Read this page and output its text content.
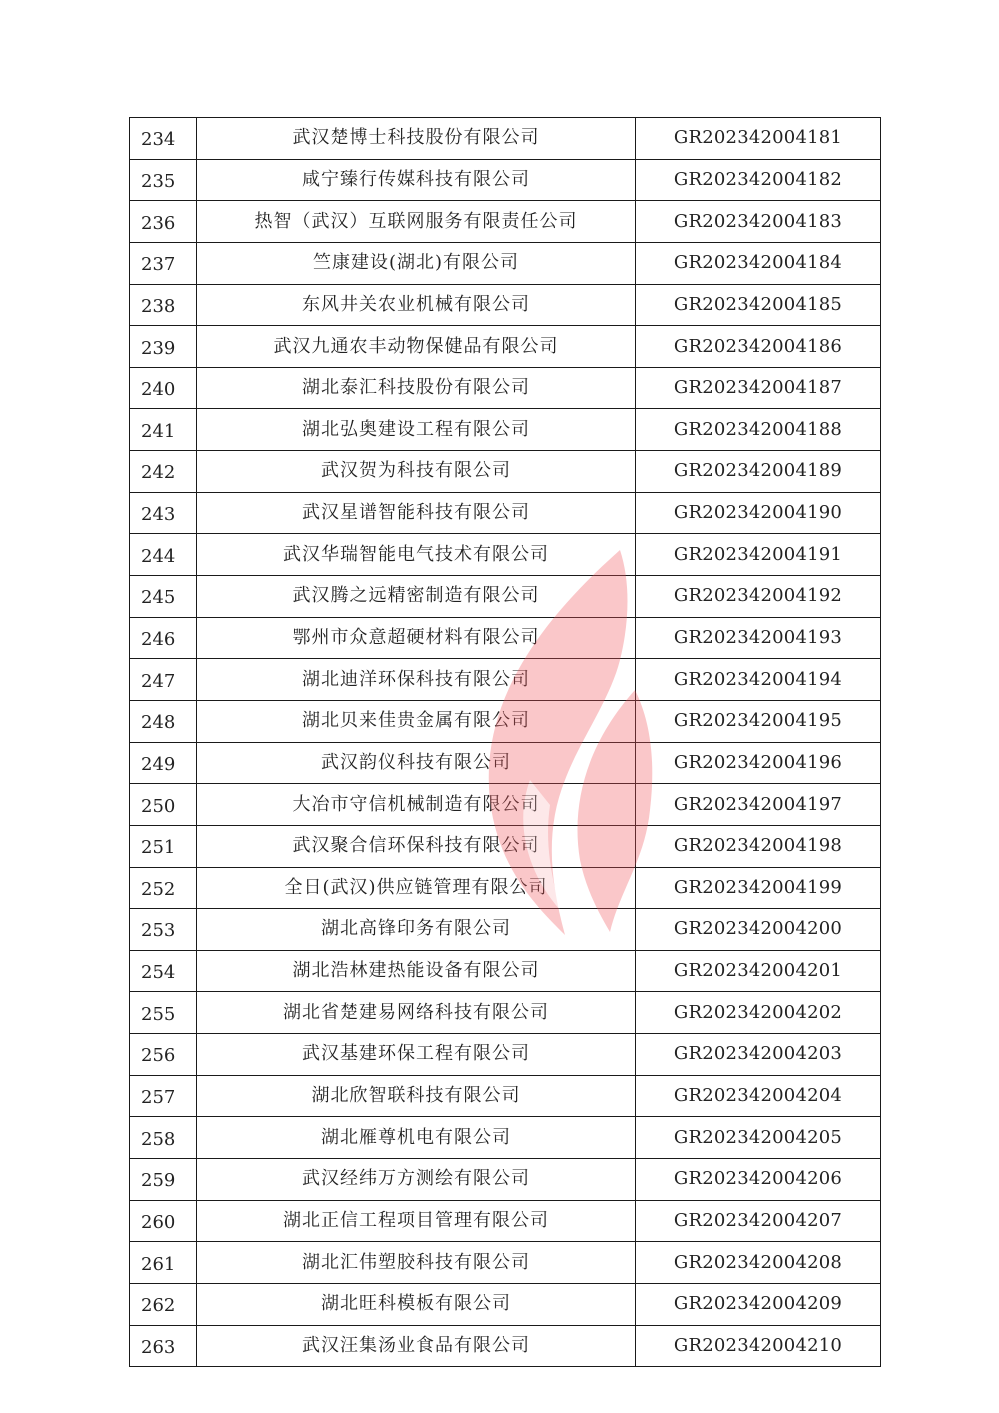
234	武汉楚博士科技股份有限公司	GR202342004181
235	咸宁臻行传媒科技有限公司	GR202342004182
236	热智（武汉）互联网服务有限责任公司	GR202342004183
237	竺康建设(湖北)有限公司	GR202342004184
238	东风井关农业机械有限公司	GR202342004185
239	武汉九通农丰动物保健品有限公司	GR202342004186
240	湖北泰汇科技股份有限公司	GR202342004187
241	湖北弘奥建设工程有限公司	GR202342004188
242	武汉贺为科技有限公司	GR202342004189
243	武汉星谱智能科技有限公司	GR202342004190
244	武汉华瑞智能电气技术有限公司	GR202342004191
245	武汉腾之远精密制造有限公司	GR202342004192
246	鄂州市众意超硬材料有限公司	GR202342004193
247	湖北迪洋环保科技有限公司	GR202342004194
248	湖北贝来佳贵金属有限公司	GR202342004195
249	武汉韵仪科技有限公司	GR202342004196
250	大冶市守信机械制造有限公司	GR202342004197
251	武汉聚合信环保科技有限公司	GR202342004198
252	全日(武汉)供应链管理有限公司	GR202342004199
253	湖北高锋印务有限公司	GR202342004200
254	湖北浩林建热能设备有限公司	GR202342004201
255	湖北省楚建易网络科技有限公司	GR202342004202
256	武汉基建环保工程有限公司	GR202342004203
257	湖北欣智联科技有限公司	GR202342004204
258	湖北雁尊机电有限公司	GR202342004205
259	武汉经纬万方测绘有限公司	GR202342004206
260	湖北正信工程项目管理有限公司	GR202342004207
261	湖北汇伟塑胶科技有限公司	GR202342004208
262	湖北旺科模板有限公司	GR202342004209
263	武汉汪集汤业食品有限公司	GR202342004210
